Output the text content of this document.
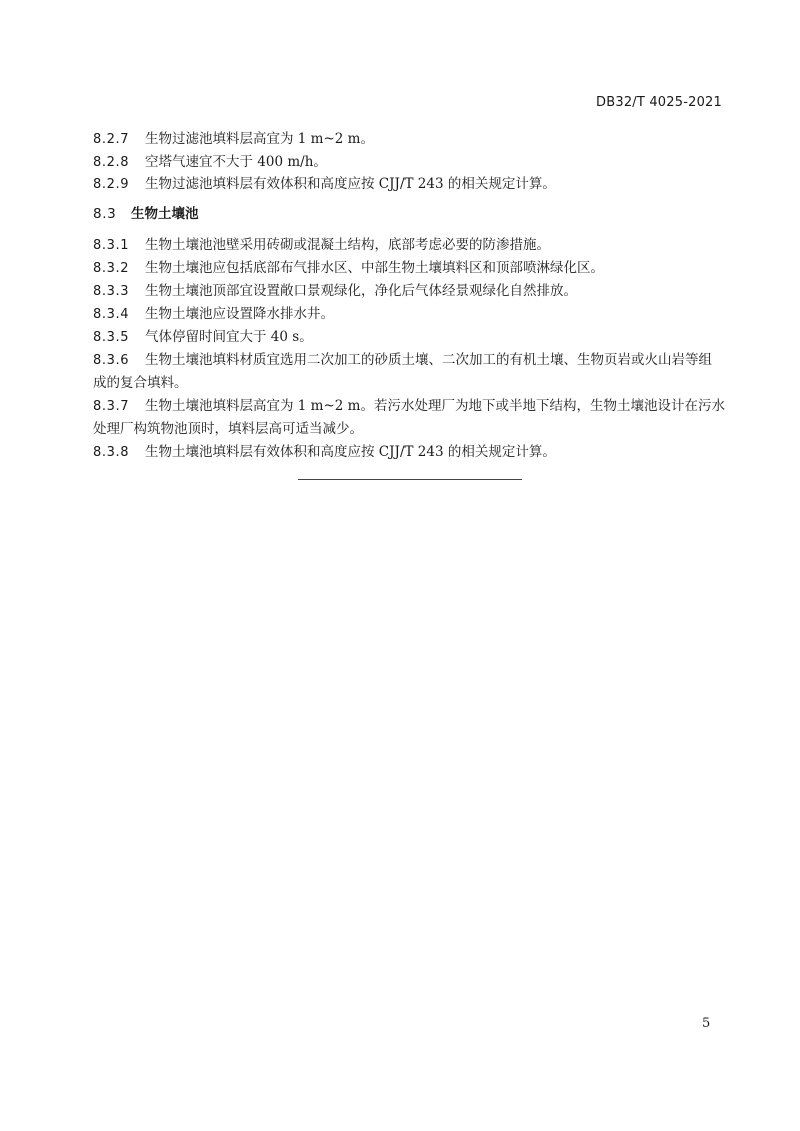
DB32/T 4025-2021
8.2.7 生物过滤池填料层高宜为 1 m~2 m。
8.2.8 空塔气速宜不大于 400 m/h。
8.2.9 生物过滤池填料层有效体积和高度应按 CJJ/T 243 的相关规定计算。
8.3 生物土壤池
8.3.1 生物土壤池池壁采用砖砌或混凝土结构，底部考虑必要的防渗措施。
8.3.2 生物土壤池应包括底部布气排水区、中部生物土壤填料区和顶部喷淋绿化区。
8.3.3 生物土壤池顶部宜设置敞口景观绿化，净化后气体经景观绿化自然排放。
8.3.4 生物土壤池应设置降水排水井。
8.3.5 气体停留时间宜大于 40 s。
8.3.6 生物土壤池填料材质宜选用二次加工的砂质土壤、二次加工的有机土壤、生物页岩或火山岩等组成的复合填料。
8.3.7 生物土壤池填料层高宜为 1 m~2 m。若污水处理厂为地下或半地下结构，生物土壤池设计在污水处理厂构筑物池顶时，填料层高可适当减少。
8.3.8 生物土壤池填料层有效体积和高度应按 CJJ/T 243 的相关规定计算。
5
